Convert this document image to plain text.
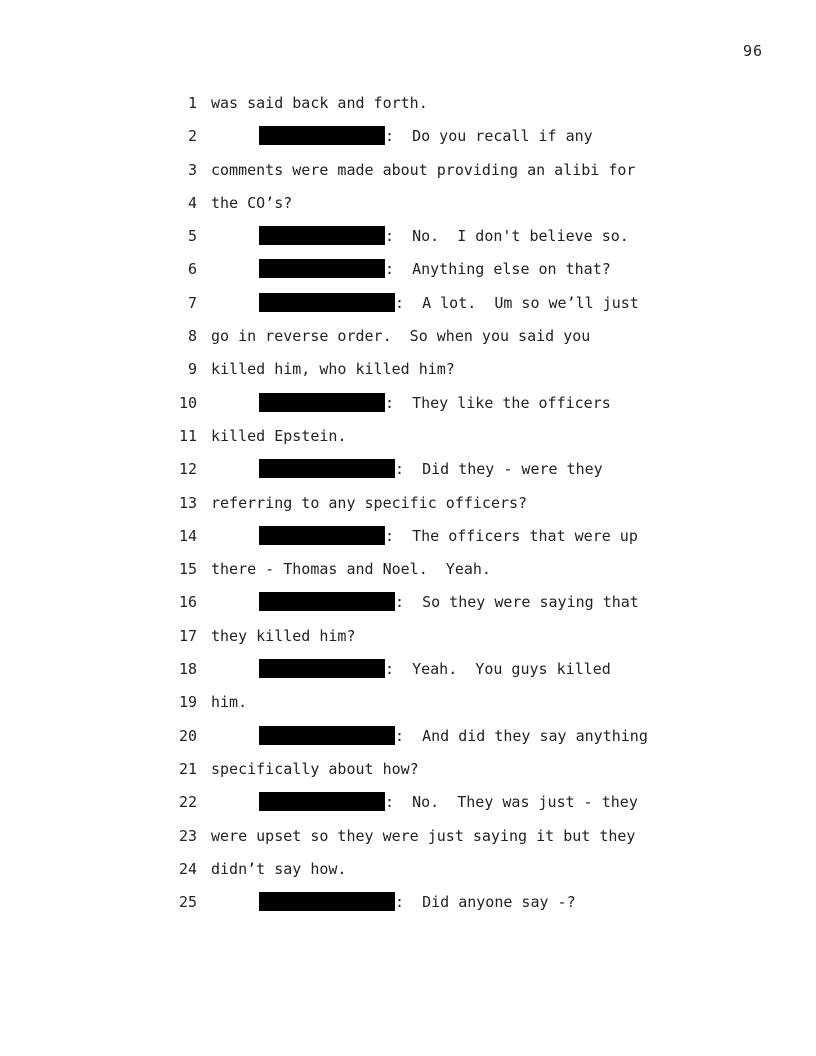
96
1 was said back and forth.
2	:  Do you recall if any
3 comments were made about providing an alibi for
4 the CO’s?
5	:  No.  I don't believe so.
6	:  Anything else on that?
7	:  A lot.  Um so we’ll just
8 go in reverse order.  So when you said you
9 killed him, who killed him?
10	:  They like the officers
11 killed Epstein.
12	:  Did they - were they
13 referring to any specific officers?
14	:  The officers that were up
15 there - Thomas and Noel.  Yeah.
16	:  So they were saying that
17 they killed him?
18	:  Yeah.  You guys killed
19 him.
20	:  And did they say anything
21 specifically about how?
22	:  No.  They was just - they
23 were upset so they were just saying it but they
24 didn’t say how.
25	:  Did anyone say -?
